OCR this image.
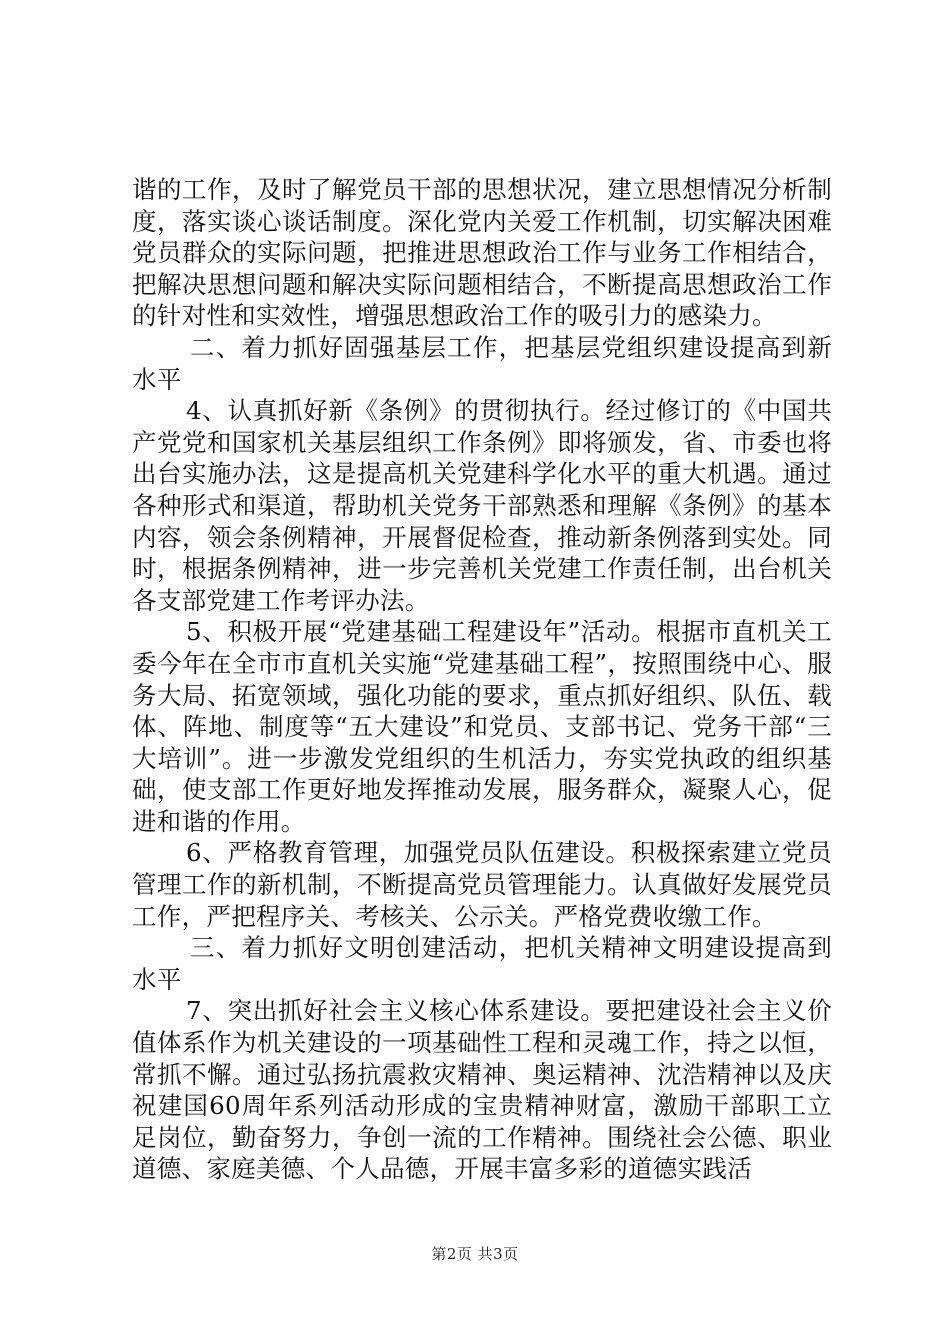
谐的工作，及时了解党员干部的思想状况，建立思想情况分析制度，落实谈心谈话制度。深化党内关爱工作机制，切实解决困难党员群众的实际问题，把推进思想政治工作与业务工作相结合，把解决思想问题和解决实际问题相结合，不断提高思想政治工作的针对性和实效性，增强思想政治工作的吸引力的感染力。

二、着力抓好固强基层工作，把基层党组织建设提高到新水平

4、认真抓好新《条例》的贯彻执行。经过修订的《中国共产党党和国家机关基层组织工作条例》即将颁发，省、市委也将出台实施办法，这是提高机关党建科学化水平的重大机遇。通过各种形式和渠道，帮助机关党务干部熟悉和理解《条例》的基本内容，领会条例精神，开展督促检查，推动新条例落到实处。同时，根据条例精神，进一步完善机关党建工作责任制，出台机关各支部党建工作考评办法。

5、积极开展“党建基础工程建设年”活动。根据市直机关工委今年在全市市直机关实施“党建基础工程”，按照围绕中心、服务大局、拓宽领域，强化功能的要求，重点抓好组织、队伍、载体、阵地、制度等“五大建设”和党员、支部书记、党务干部“三大培训”。进一步激发党组织的生机活力，夯实党执政的组织基础，使支部工作更好地发挥推动发展，服务群众，凝聚人心，促进和谐的作用。

6、严格教育管理，加强党员队伍建设。积极探索建立党员管理工作的新机制，不断提高党员管理能力。认真做好发展党员工作，严把程序关、考核关、公示关。严格党费收缴工作。

三、着力抓好文明创建活动，把机关精神文明建设提高到水平

7、突出抓好社会主义核心体系建设。要把建设社会主义价值体系作为机关建设的一项基础性工程和灵魂工作，持之以恒，常抓不懈。通过弘扬抗震救灾精神、奥运精神、沈浩精神以及庆祝建国60周年系列活动形成的宝贵精神财富，激励干部职工立足岗位，勤奋努力，争创一流的工作精神。围绕社会公德、职业道德、家庭美德、个人品德，开展丰富多彩的道德实践活

第2页 共3页
